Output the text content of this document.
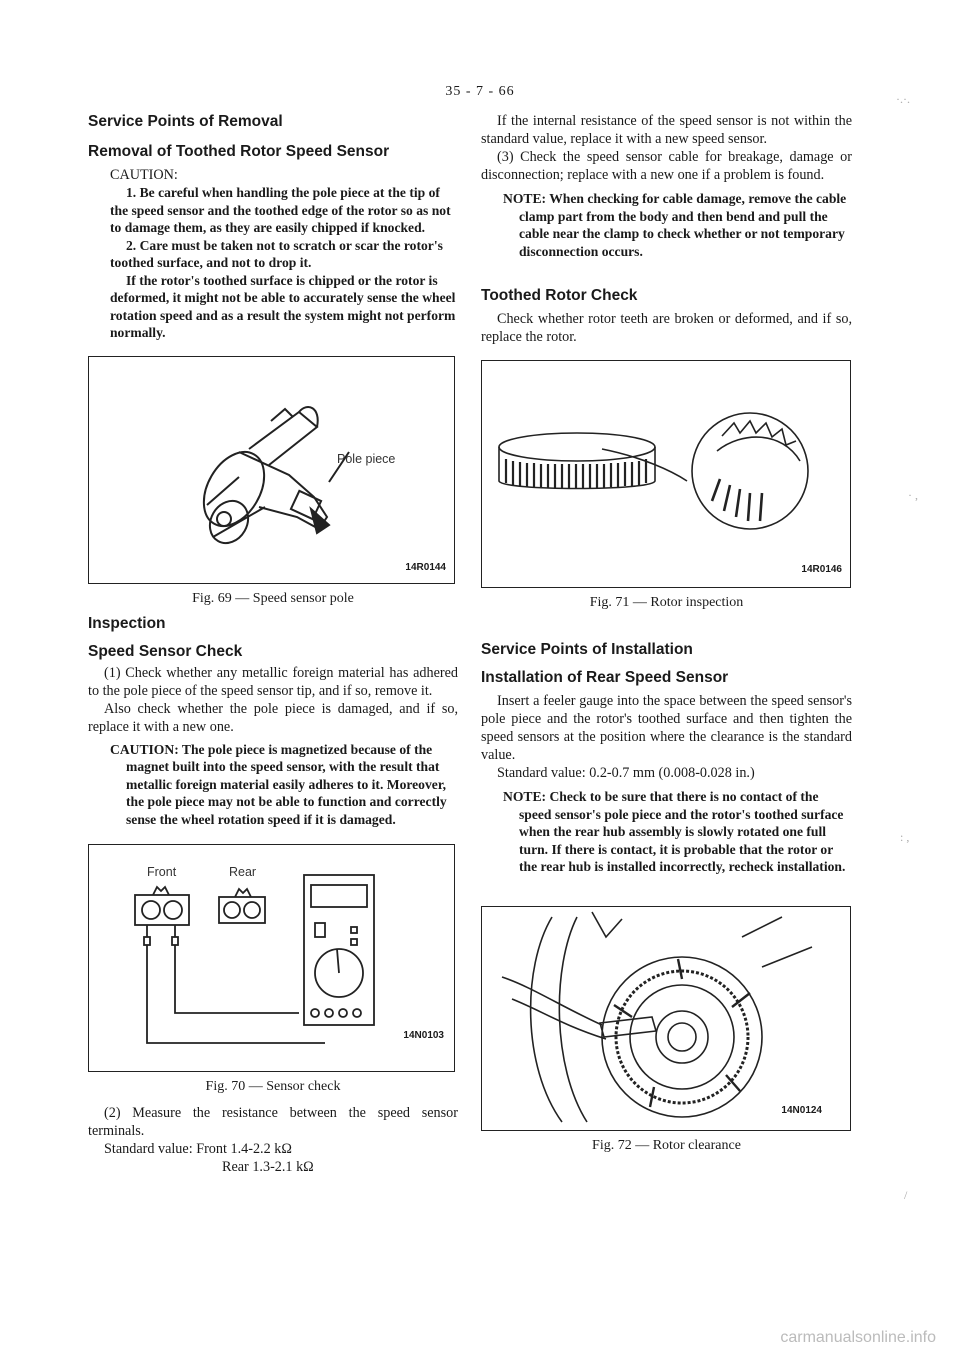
35 - 7 - 66
Service Points of Removal
Removal of Toothed Rotor Speed Sensor
CAUTION:
1. Be careful when handling the pole piece at the tip of the speed sensor and the toothed edge of the rotor so as not to damage them, as they are easily chipped if knocked.
2. Care must be taken not to scratch or scar the rotor's toothed surface, and not to drop it.
If the rotor's toothed surface is chipped or the rotor is deformed, it might not be able to accurately sense the wheel rotation speed and as a result the system might not perform normally.
Pole piece
14R0144
Fig. 69 — Speed sensor pole
Inspection
Speed Sensor Check
(1) Check whether any metallic foreign material has adhered to the pole piece of the speed sensor tip, and if so, remove it.
Also check whether the pole piece is damaged, and if so, replace it with a new one.
CAUTION: The pole piece is magnetized because of the magnet built into the speed sensor, with the result that metallic foreign material easily adheres to it. Moreover, the pole piece may not be able to function and correctly sense the wheel rotation speed if it is damaged.
Front	Rear
14N0103
Fig. 70 — Sensor check
(2) Measure the resistance between the speed sensor terminals.
Standard value: Front 1.4-2.2 kΩ
Rear 1.3-2.1 kΩ
If the internal resistance of the speed sensor is not within the standard value, replace it with a new speed sensor.
(3) Check the speed sensor cable for breakage, damage or disconnection; replace with a new one if a problem is found.
NOTE: When checking for cable damage, remove the cable clamp part from the body and then bend and pull the cable near the clamp to check whether or not temporary disconnection occurs.
Toothed Rotor Check
Check whether rotor teeth are broken or deformed, and if so, replace the rotor.
14R0146
Fig. 71 — Rotor inspection
Service Points of Installation
Installation of Rear Speed Sensor
Insert a feeler gauge into the space between the speed sensor's pole piece and the rotor's toothed surface and then tighten the speed sensors at the position where the clearance is the standard value.
Standard value: 0.2-0.7 mm (0.008-0.028 in.)
NOTE: Check to be sure that there is no contact of the speed sensor's pole piece and the rotor's toothed surface when the rear hub assembly is slowly rotated one full turn. If there is contact, it is probable that the rotor or the rear hub is installed incorrectly, recheck installation.
14N0124
Fig. 72 — Rotor clearance
·.·.
· ,
: ,
/
carmanualsonline.info
